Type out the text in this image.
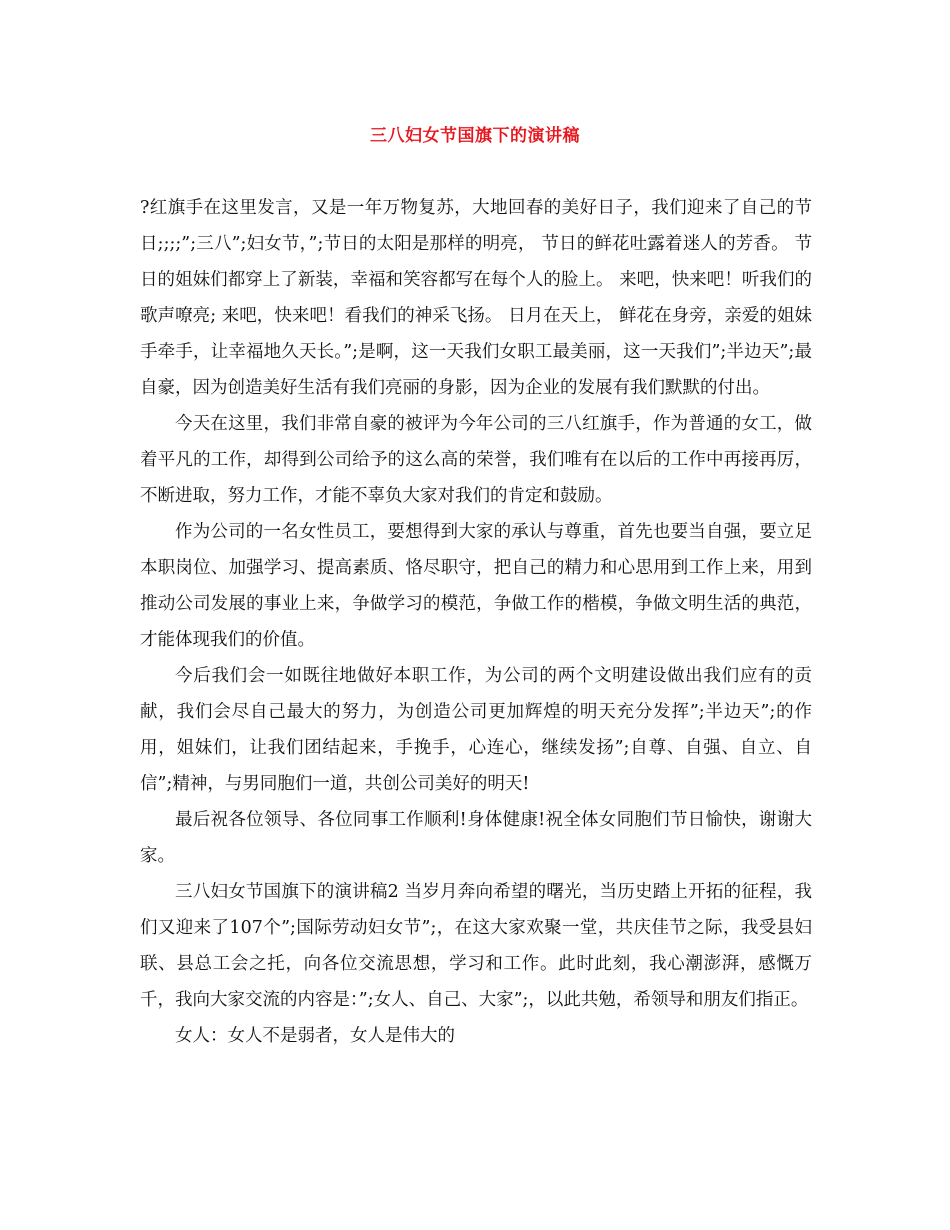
三八妇女节国旗下的演讲稿

?红旗手在这里发言，又是一年万物复苏，大地回春的美好日子，我们迎来了自己的节日;;;;”;三八”;妇女节，”;节日的太阳是那样的明亮， 节日的鲜花吐露着迷人的芳香。 节日的姐妹们都穿上了新装，幸福和笑容都写在每个人的脸上。 来吧，快来吧！听我们的歌声嘹亮; 来吧，快来吧！看我们的神采飞扬。 日月在天上， 鲜花在身旁，亲爱的姐妹手牵手，让幸福地久天长。”;是啊，这一天我们女职工最美丽，这一天我们”;半边天”;最自豪，因为创造美好生活有我们亮丽的身影，因为企业的发展有我们默默的付出。

今天在这里，我们非常自豪的被评为今年公司的三八红旗手，作为普通的女工，做着平凡的工作，却得到公司给予的这么高的荣誉，我们唯有在以后的工作中再接再厉，不断进取，努力工作，才能不辜负大家对我们的肯定和鼓励。

作为公司的一名女性员工，要想得到大家的承认与尊重，首先也要当自强，要立足本职岗位、加强学习、提高素质、恪尽职守，把自己的精力和心思用到工作上来，用到推动公司发展的事业上来，争做学习的模范，争做工作的楷模，争做文明生活的典范，才能体现我们的价值。

今后我们会一如既往地做好本职工作，为公司的两个文明建设做出我们应有的贡献，我们会尽自己最大的努力，为创造公司更加辉煌的明天充分发挥”;半边天”;的作用，姐妹们，让我们团结起来，手挽手，心连心，继续发扬”;自尊、自强、自立、自信”;精神，与男同胞们一道，共创公司美好的明天!

最后祝各位领导、各位同事工作顺利!身体健康!祝全体女同胞们节日愉快，谢谢大家。

三八妇女节国旗下的演讲稿2 当岁月奔向希望的曙光，当历史踏上开拓的征程，我们又迎来了107个”;国际劳动妇女节”;，在这大家欢聚一堂，共庆佳节之际，我受县妇联、县总工会之托，向各位交流思想，学习和工作。此时此刻，我心潮澎湃，感慨万千，我向大家交流的内容是：”;女人、自己、大家”;，以此共勉，希领导和朋友们指正。

女人：女人不是弱者，女人是伟大的
